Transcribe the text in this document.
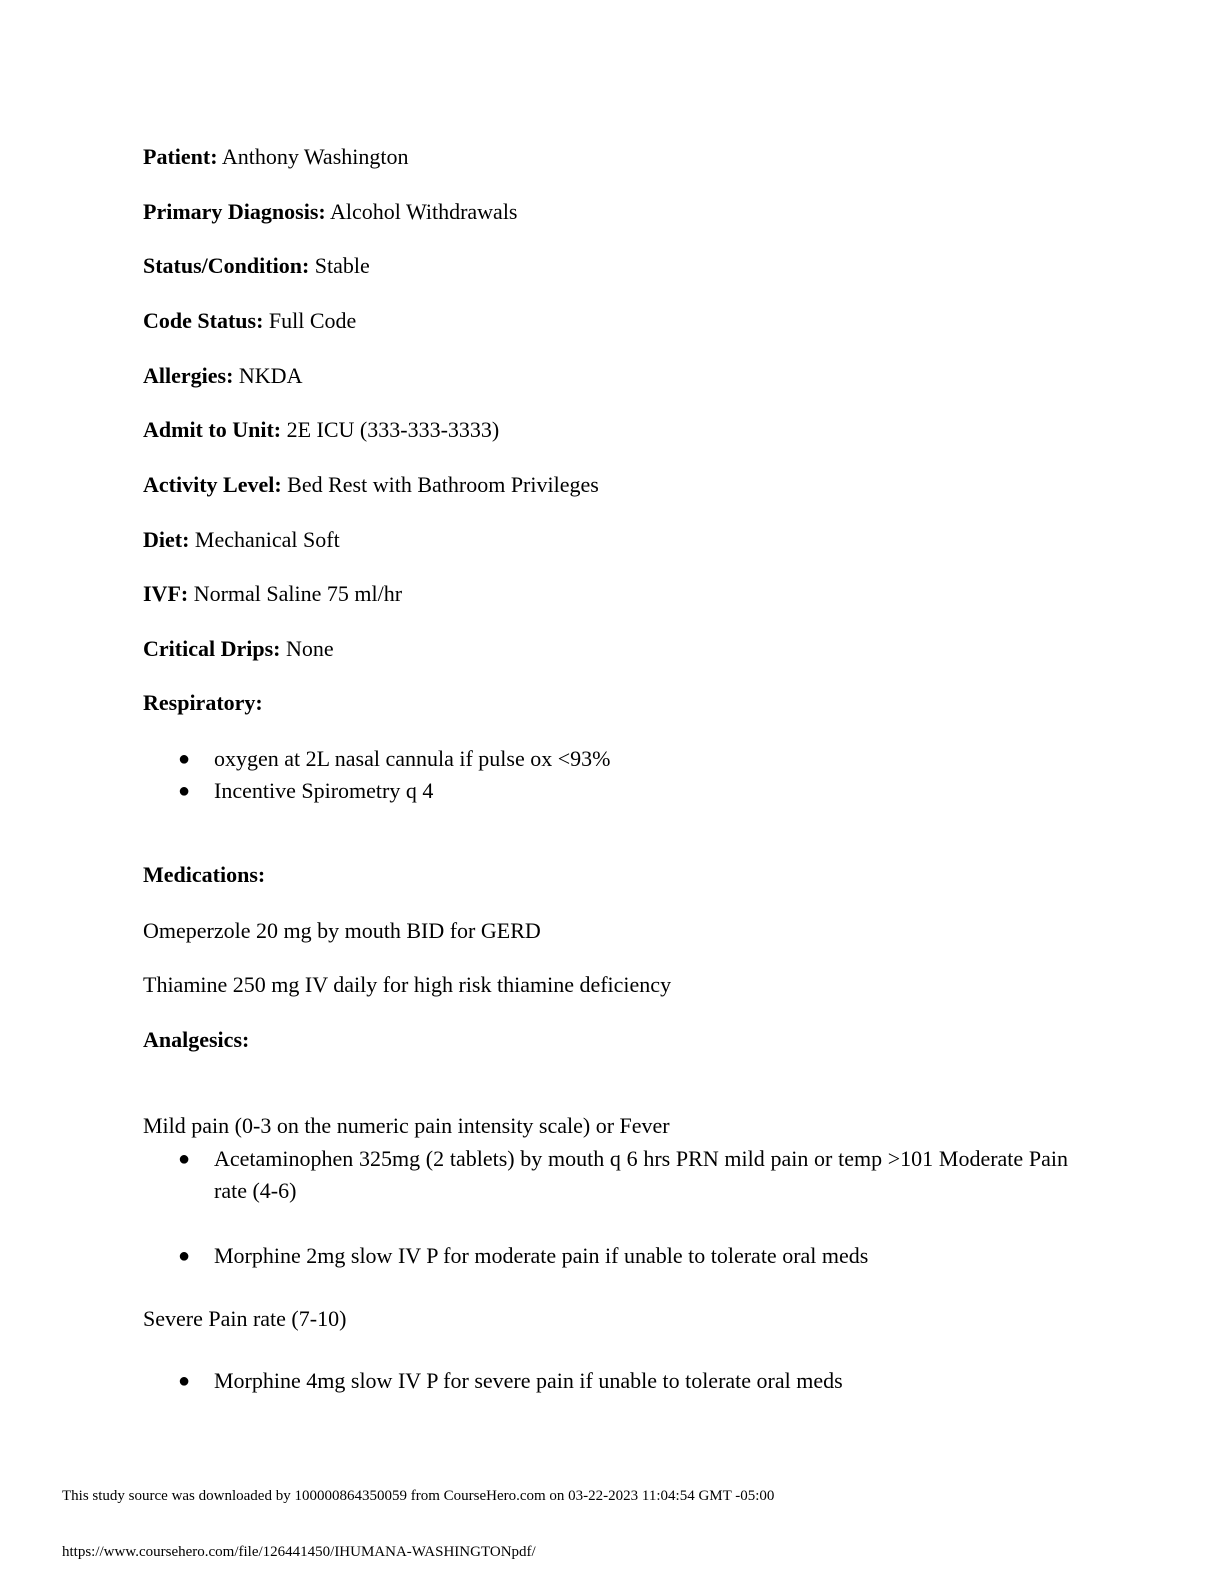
Patient: Anthony Washington
Primary Diagnosis: Alcohol Withdrawals
Status/Condition: Stable
Code Status: Full Code
Allergies: NKDA
Admit to Unit: 2E ICU (333-333-3333)
Activity Level: Bed Rest with Bathroom Privileges
Diet: Mechanical Soft
IVF: Normal Saline 75 ml/hr
Critical Drips: None
Respiratory:
● oxygen at 2L nasal cannula if pulse ox <93%
● Incentive Spirometry q 4
Medications:
Omeperzole 20 mg by mouth BID for GERD
Thiamine 250 mg IV daily for high risk thiamine deficiency
Analgesics:
Mild pain (0-3 on the numeric pain intensity scale) or Fever
● Acetaminophen 325mg (2 tablets) by mouth q 6 hrs PRN mild pain or temp >101 Moderate Pain rate (4-6)
● Morphine 2mg slow IV P for moderate pain if unable to tolerate oral meds
Severe Pain rate (7-10)
● Morphine 4mg slow IV P for severe pain if unable to tolerate oral meds
This study source was downloaded by 100000864350059 from CourseHero.com on 03-22-2023 11:04:54 GMT -05:00
https://www.coursehero.com/file/126441450/IHUMANA-WASHINGTONpdf/
